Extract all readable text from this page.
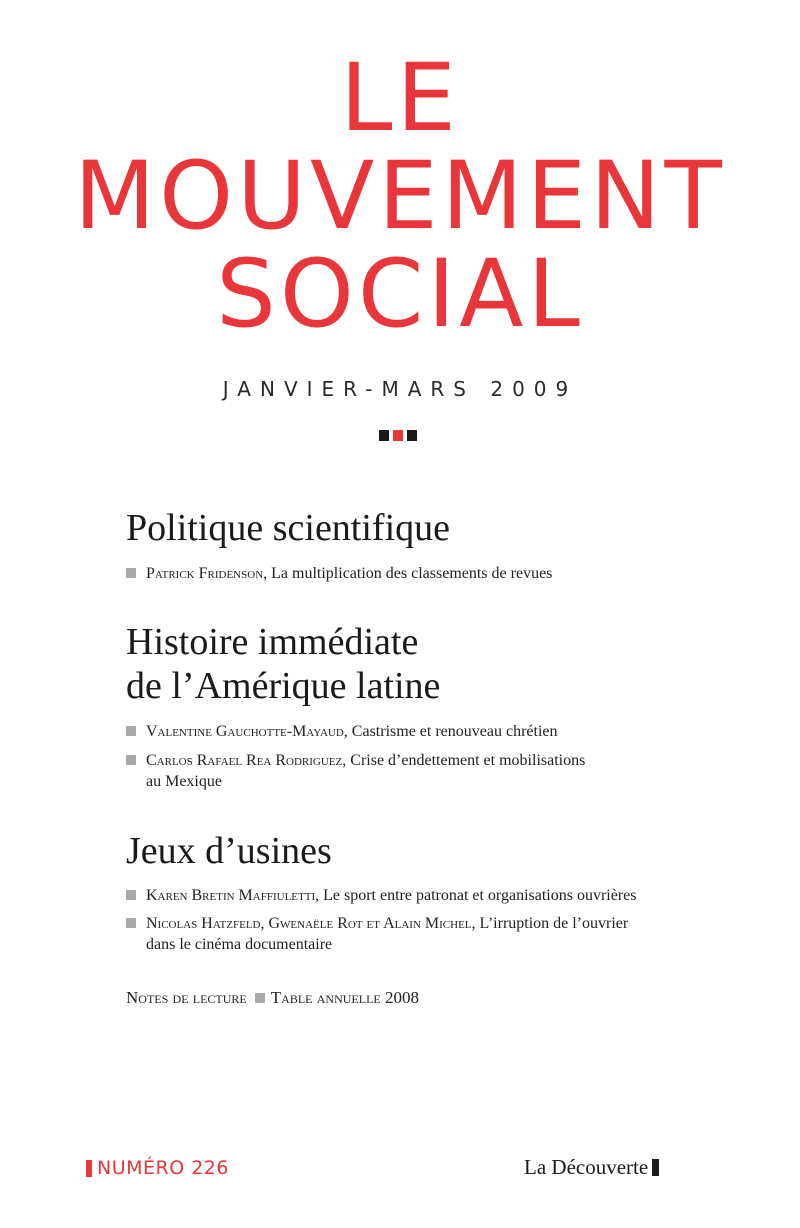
LE
MOUVEMENT
SOCIAL
JANVIER-MARS 2009
Politique scientifique
Patrick Fridenson, La multiplication des classements de revues
Histoire immédiate
de l’Amérique latine
Valentine Gauchotte-Mayaud, Castrisme et renouveau chrétien
Carlos Rafael Rea Rodriguez, Crise d’endettement et mobilisations
au Mexique
Jeux d’usines
Karen Bretin Maffiuletti, Le sport entre patronat et organisations ouvrières
Nicolas Hatzfeld, Gwenaële Rot et Alain Michel, L’irruption de l’ouvrier
dans le cinéma documentaire
Notes de lecture Table annuelle 2008
NUMÉRO 226	La Découverte
